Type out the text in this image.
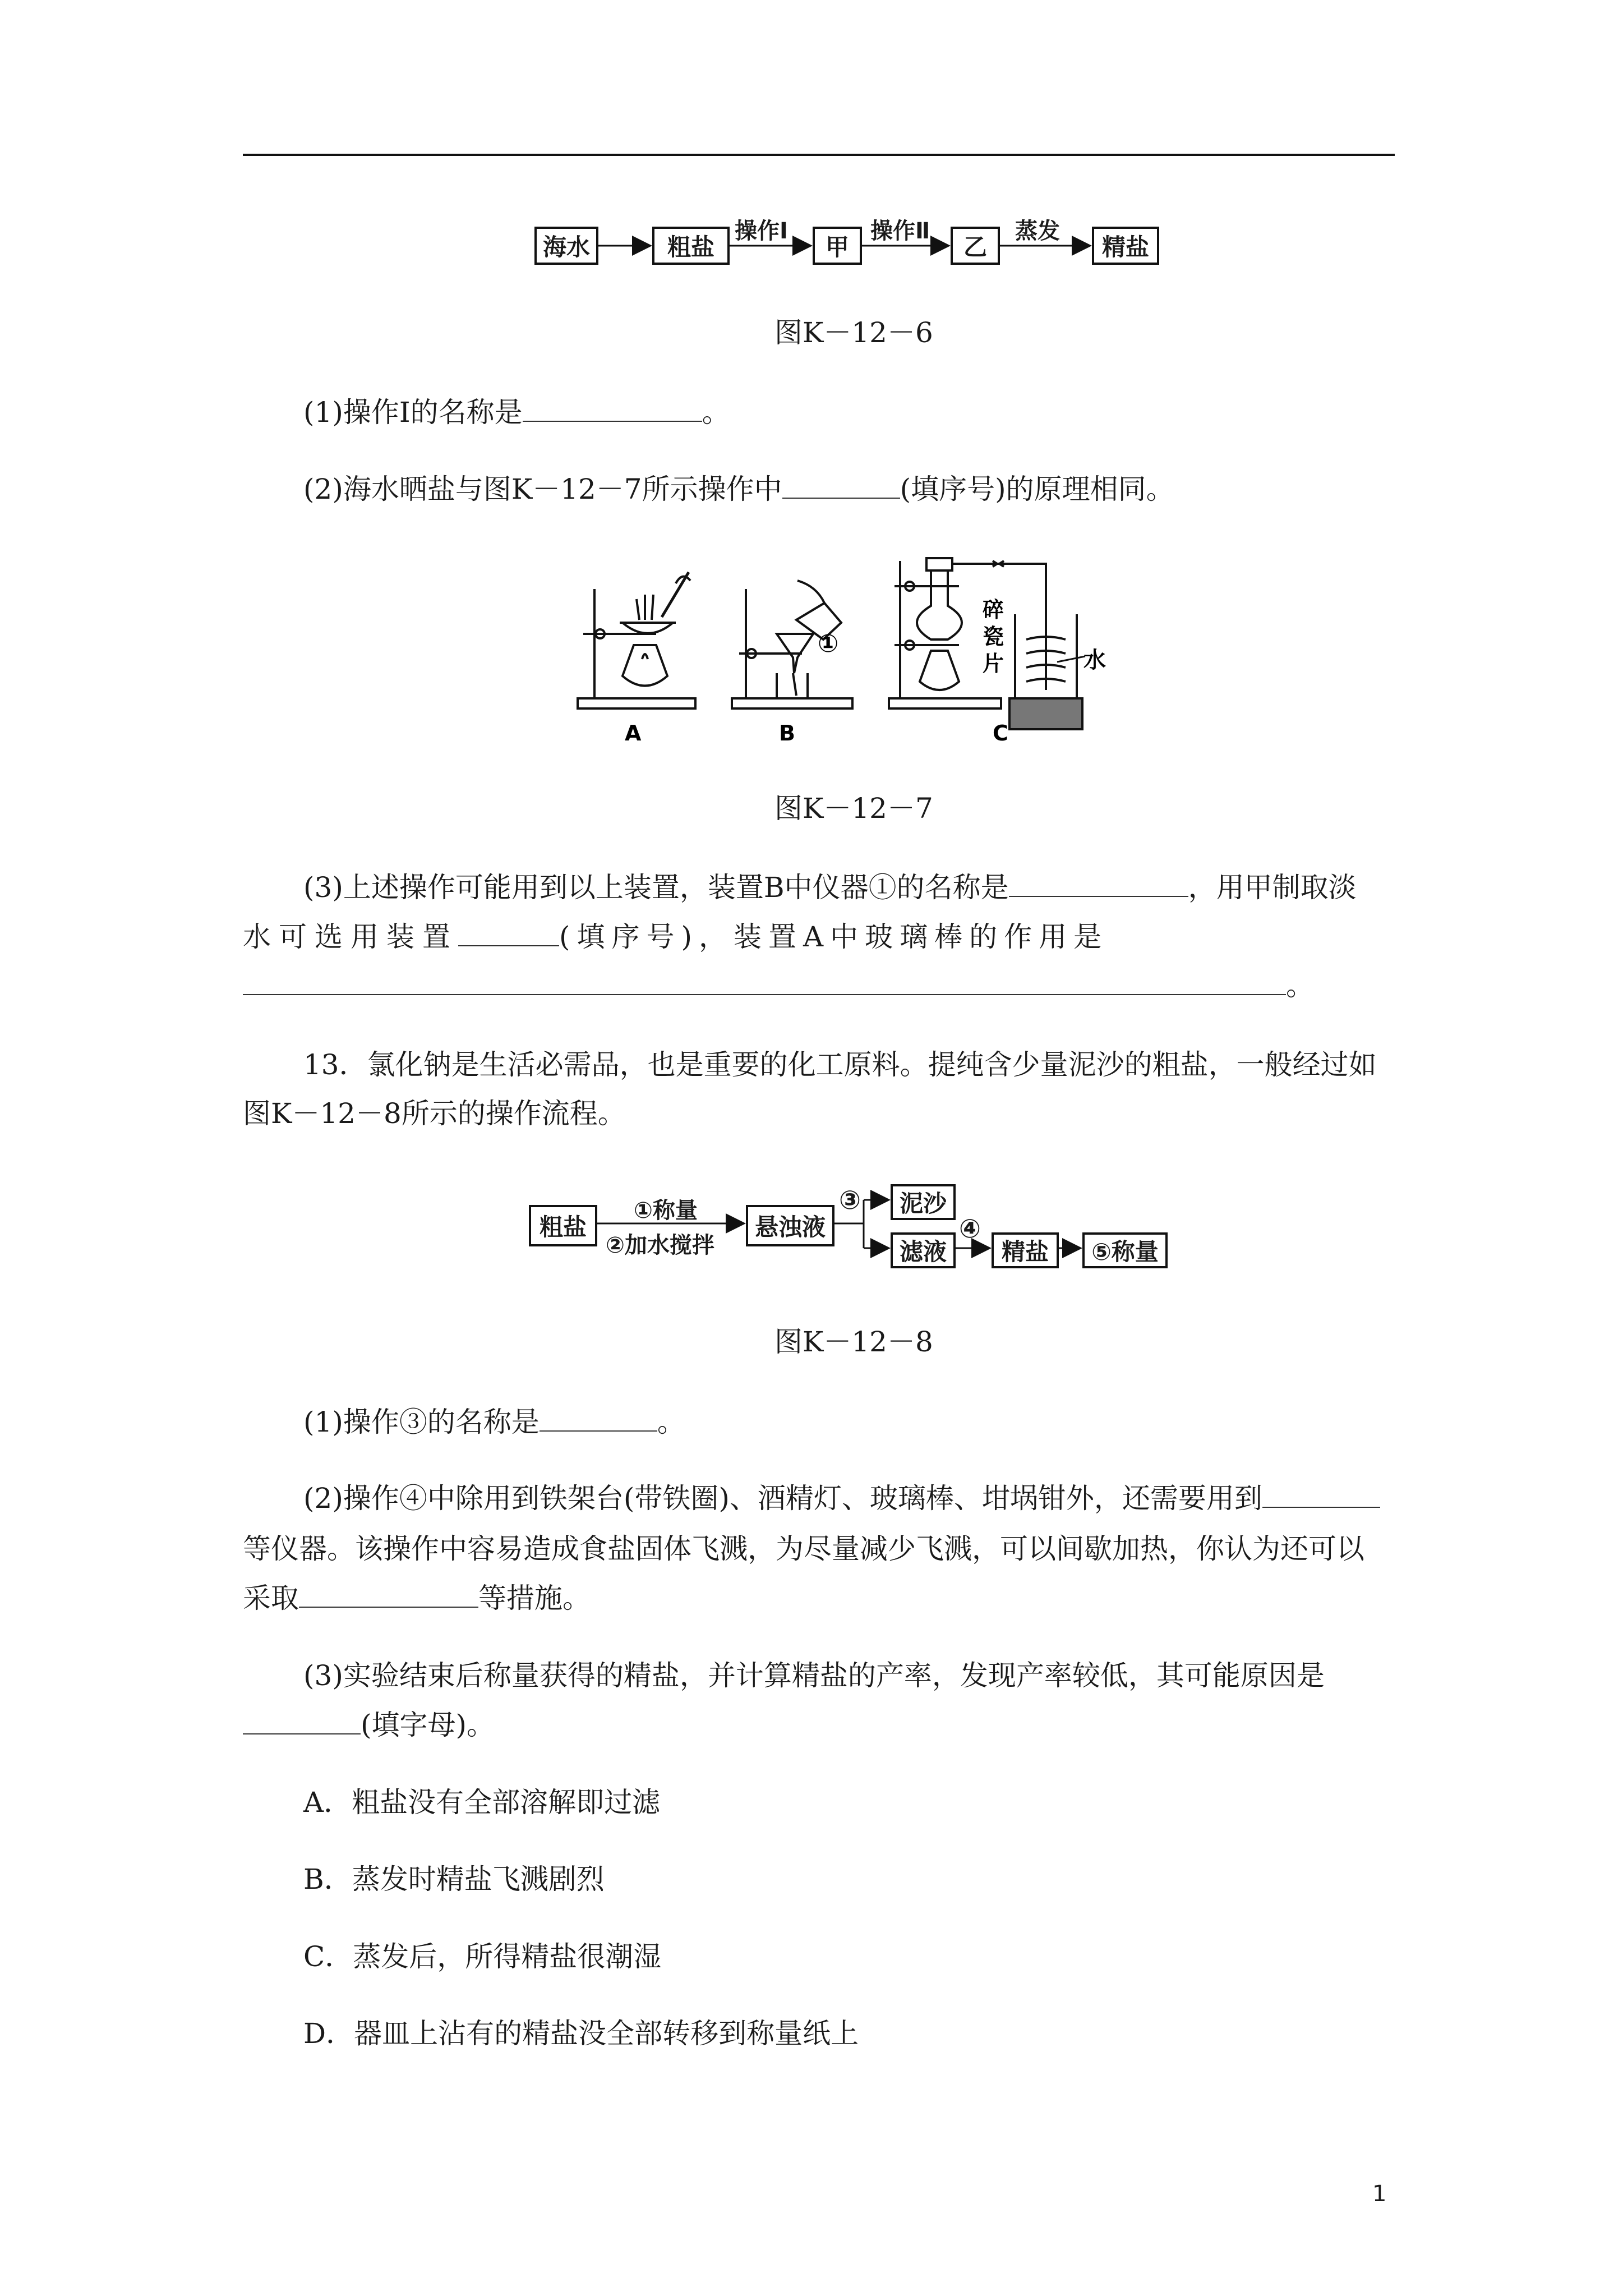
海水	粗盐	甲	乙	精盐
操作Ⅰ	操作Ⅱ	蒸发
图K－12－6
(1)操作Ⅰ的名称是	。
(2)海水晒盐与图K－12－7所示操作中	(填序号)的原理相同。
A	B	C
①
碎
瓷
片	水
图K－12－7
(3)上述操作可能用到以上装置，装置B中仪器①的名称是	，用甲制取淡
水可选用装置	(填序号)，装置A中玻璃棒的作用是
。
13．氯化钠是生活必需品，也是重要的化工原料。提纯含少量泥沙的粗盐，一般经过如
图K－12－8所示的操作流程。
粗盐	悬浊液
泥沙
滤液	精盐	⑤称量
①称量
②加水搅拌
③
④
图K－12－8
(1)操作③的名称是	。
(2)操作④中除用到铁架台(带铁圈)、酒精灯、玻璃棒、坩埚钳外，还需要用到
等仪器。该操作中容易造成食盐固体飞溅，为尽量减少飞溅，可以间歇加热，你认为还可以
采取	等措施。
(3)实验结束后称量获得的精盐，并计算精盐的产率，发现产率较低，其可能原因是
(填字母)。
A．粗盐没有全部溶解即过滤
B．蒸发时精盐飞溅剧烈
C．蒸发后，所得精盐很潮湿
D．器皿上沾有的精盐没全部转移到称量纸上
1
